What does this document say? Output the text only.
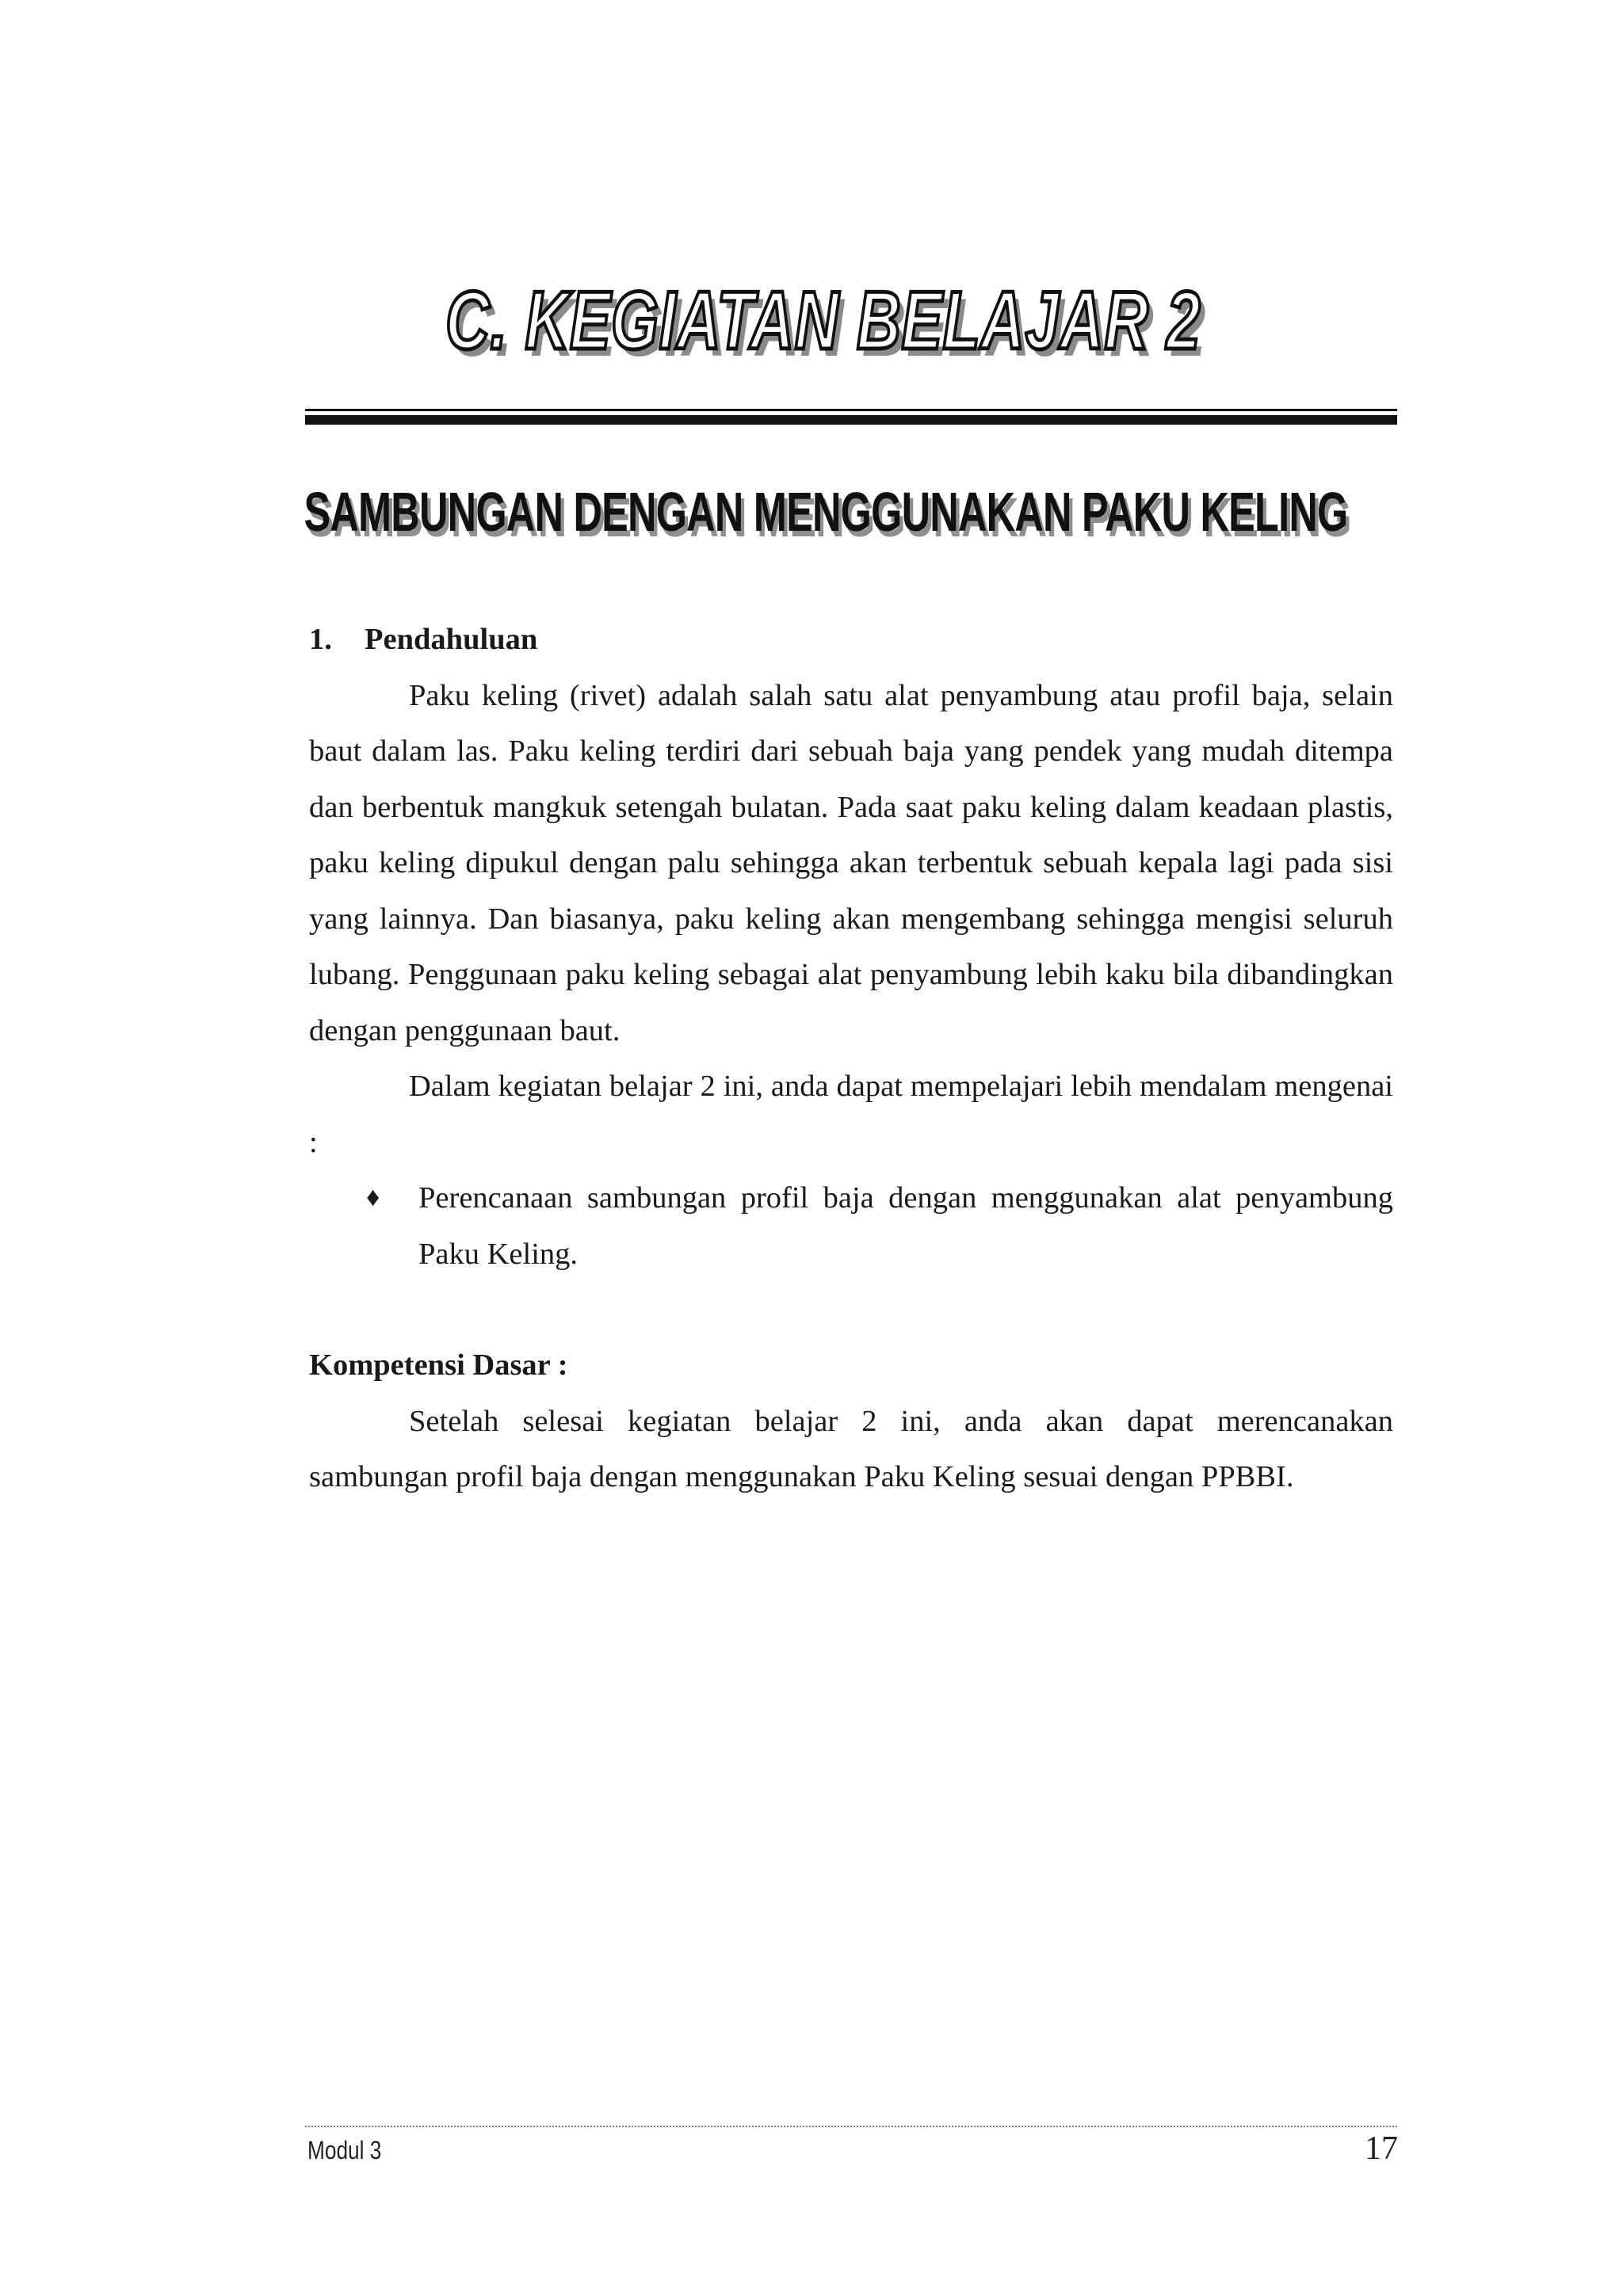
C. KEGIATAN BELAJAR 2
SAMBUNGAN DENGAN MENGGUNAKAN PAKU KELING

1. Pendahuluan

Paku keling (rivet) adalah salah satu alat penyambung atau profil baja, selain baut dalam las. Paku keling terdiri dari sebuah baja yang pendek yang mudah ditempa dan berbentuk mangkuk setengah bulatan. Pada saat paku keling dalam keadaan plastis, paku keling dipukul dengan palu sehingga akan terbentuk sebuah kepala lagi pada sisi yang lainnya. Dan biasanya, paku keling akan mengembang sehingga mengisi seluruh lubang. Penggunaan paku keling sebagai alat penyambung lebih kaku bila dibandingkan dengan penggunaan baut.

Dalam kegiatan belajar 2 ini, anda dapat mempelajari lebih mendalam mengenai :

♦	Perencanaan sambungan profil baja dengan menggunakan alat penyambung Paku Keling.

Kompetensi Dasar :

Setelah selesai kegiatan belajar 2 ini, anda akan dapat merencanakan sambungan profil baja dengan menggunakan Paku Keling sesuai dengan PPBBI.

Modul 3	17
